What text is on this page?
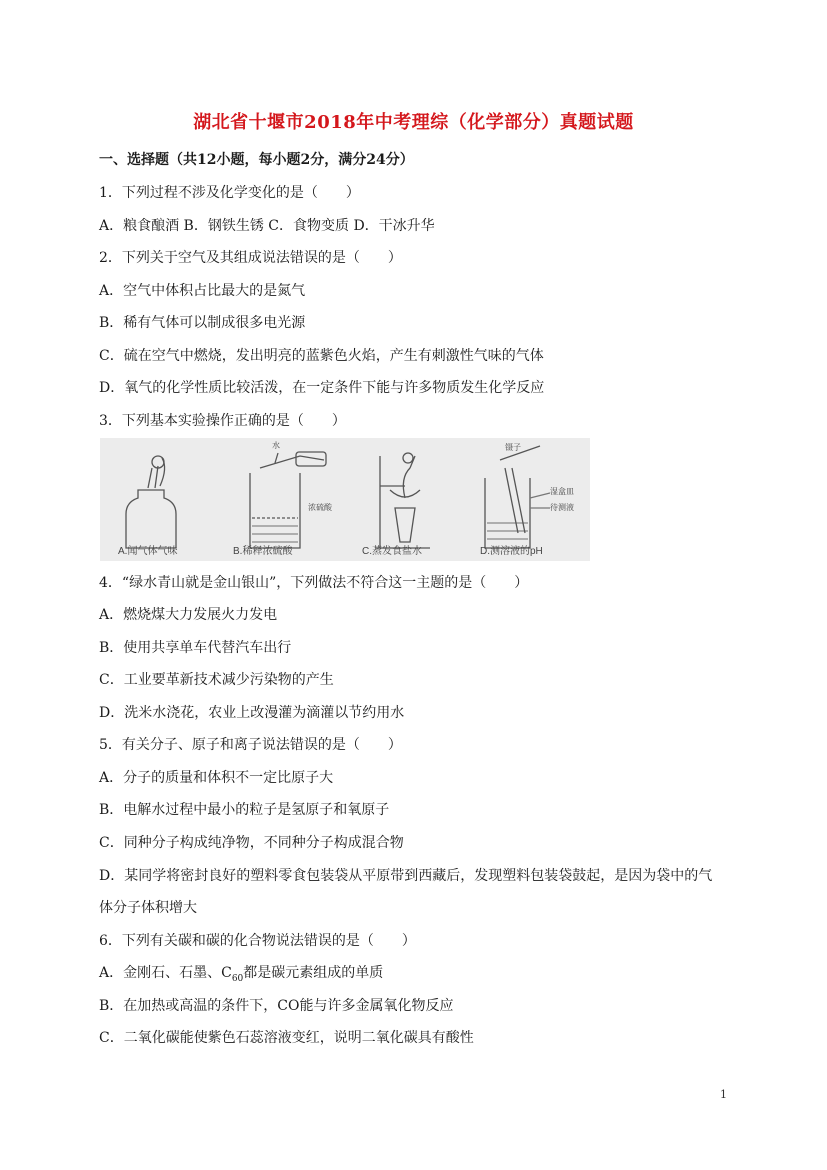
湖北省十堰市2018年中考理综（化学部分）真题试题
一、选择题（共12小题，每小题2分，满分24分）
1．下列过程不涉及化学变化的是（　　）
A．粮食酿酒 B．钢铁生锈 C．食物变质 D．干冰升华
2．下列关于空气及其组成说法错误的是（　　）
A．空气中体积占比最大的是氮气
B．稀有气体可以制成很多电光源
C．硫在空气中燃烧，发出明亮的蓝紫色火焰，产生有刺激性气味的气体
D．氧气的化学性质比较活泼，在一定条件下能与许多物质发生化学反应
3．下列基本实验操作正确的是（　　）
A.闻气体气味	B.稀释浓硫酸	C.蒸发食盐水	D.测溶液的pH
水
浓硫酸
镊子
湿盒皿
待测液
4．“绿水青山就是金山银山”，下列做法不符合这一主题的是（　　）
A．燃烧煤大力发展火力发电
B．使用共享单车代替汽车出行
C．工业要革新技术减少污染物的产生
D．洗米水浇花，农业上改漫灌为滴灌以节约用水
5．有关分子、原子和离子说法错误的是（　　）
A．分子的质量和体积不一定比原子大
B．电解水过程中最小的粒子是氢原子和氧原子
C．同种分子构成纯净物，不同种分子构成混合物
D．某同学将密封良好的塑料零食包装袋从平原带到西藏后，发现塑料包装袋鼓起，是因为袋中的气
体分子体积增大
6．下列有关碳和碳的化合物说法错误的是（　　）
A．金刚石、石墨、$C_{60}$都是碳元素组成的单质
B．在加热或高温的条件下，CO能与许多金属氧化物反应
C．二氧化碳能使紫色石蕊溶液变红，说明二氧化碳具有酸性
1
